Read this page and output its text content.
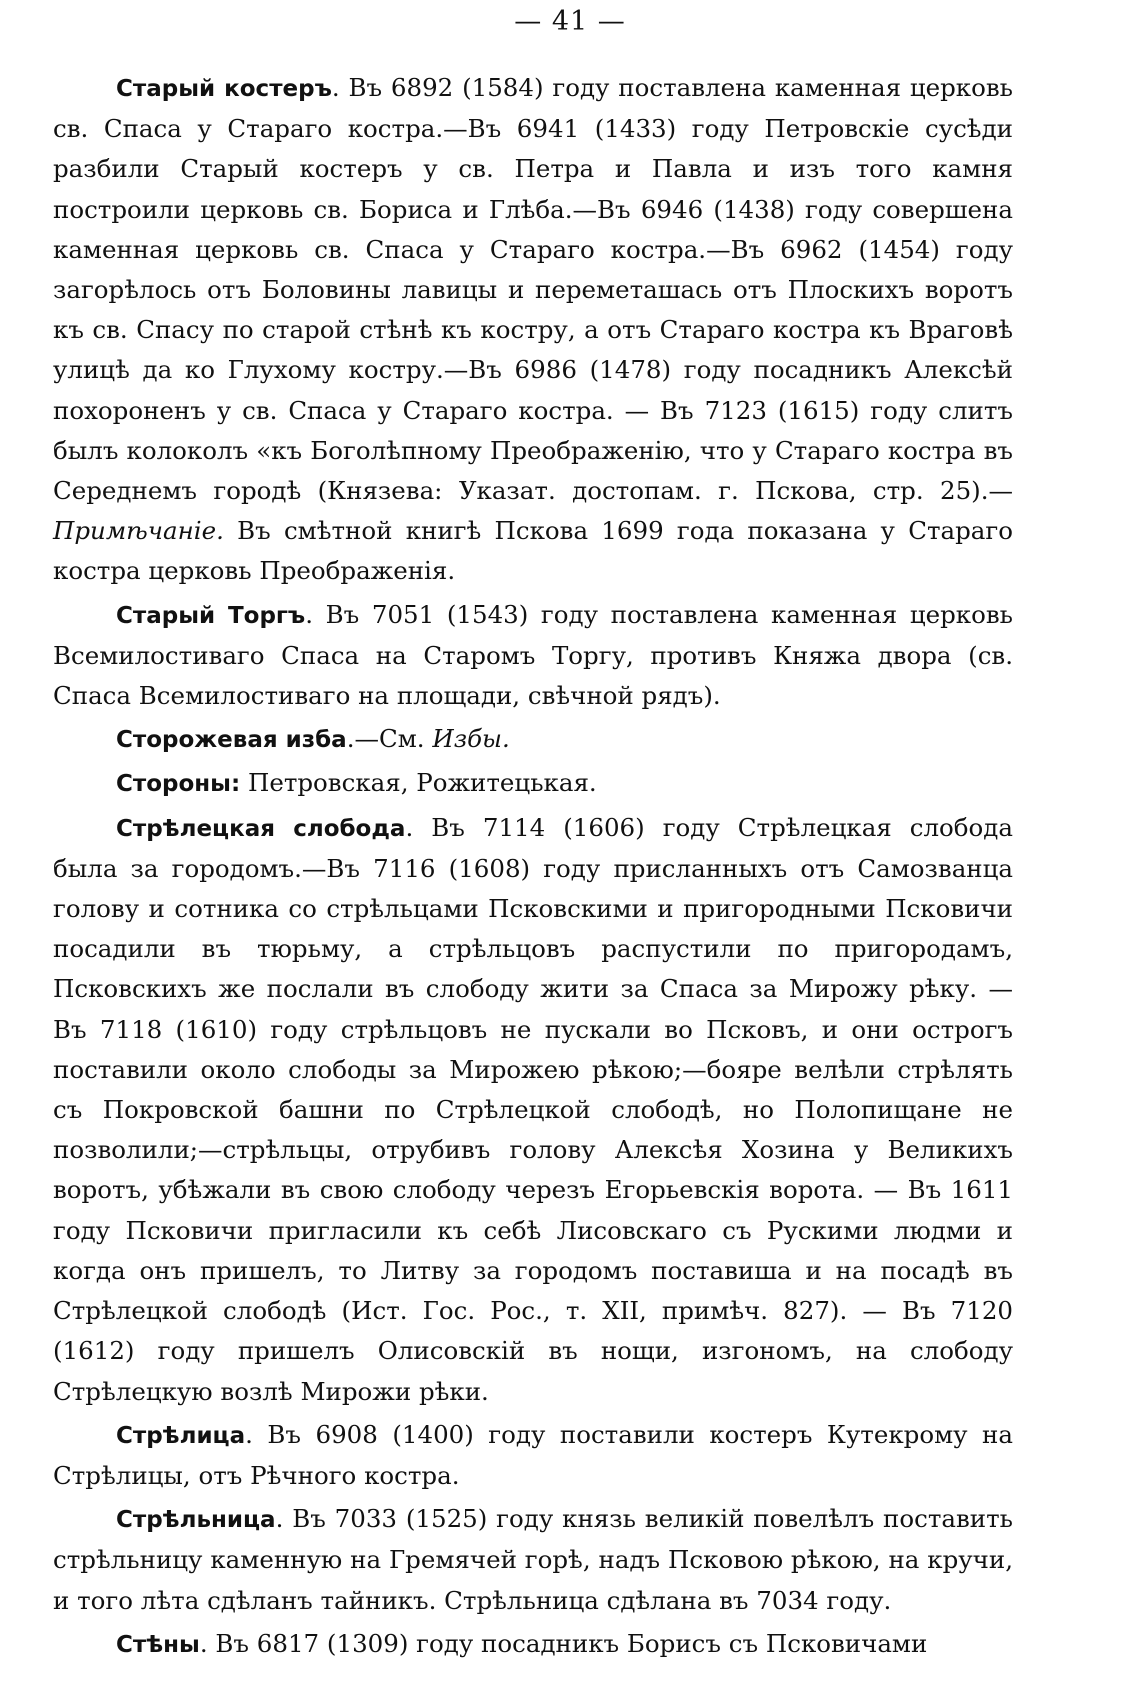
— 41 —

Старый костеръ. Въ 6892 (1584) году поставлена каменная церковь св. Спаса у Стараго костра.—Въ 6941 (1433) году Петровскіе сусѣди разбили Старый костеръ у св. Петра и Павла и изъ того камня построили церковь св. Бориса и Глѣба.—Въ 6946 (1438) году совершена каменная церковь св. Спаса у Стараго костра.—Въ 6962 (1454) году загорѣлось отъ Боловины лавицы и переметашась отъ Плоскихъ воротъ къ св. Спасу по старой стѣнѣ къ костру, а отъ Стараго костра къ Враговѣ улицѣ да ко Глухому костру.—Въ 6986 (1478) году посадникъ Алексѣй похороненъ у св. Спаса у Стараго костра. — Въ 7123 (1615) году слитъ былъ колоколъ «къ Боголѣпному Преображенію, что у Стараго костра въ Середнемъ городѣ (Князева: Указат. достопам. г. Пскова, стр. 25).—Примѣчаніе. Въ смѣтной книгѣ Пскова 1699 года показана у Стараго костра церковь Преображенія.

Старый Торгъ. Въ 7051 (1543) году поставлена каменная церковь Всемилостиваго Спаса на Старомъ Торгу, противъ Княжа двора (св. Спаса Всемилостиваго на площади, свѣчной рядъ).

Сторожевая изба.—См. Избы.

Стороны: Петровская, Рожитецькая.

Стрѣлецкая слобода. Въ 7114 (1606) году Стрѣлецкая слобода была за городомъ.—Въ 7116 (1608) году присланныхъ отъ Самозванца голову и сотника со стрѣльцами Псковскими и пригородными Псковичи посадили въ тюрьму, а стрѣльцовъ распустили по пригородамъ, Псковскихъ же послали въ слободу жити за Спаса за Мирожу рѣку. — Въ 7118 (1610) году стрѣльцовъ не пускали во Псковъ, и они острогъ поставили около слободы за Мирожею рѣкою;—бояре велѣли стрѣлять съ Покровской башни по Стрѣлецкой слободѣ, но Полопищане не позволили;—стрѣльцы, отрубивъ голову Алексѣя Хозина у Великихъ воротъ, убѣжали въ свою слободу черезъ Егорьевскія ворота. — Въ 1611 году Псковичи пригласили къ себѣ Лисовскаго съ Рускими людми и когда онъ пришелъ, то Литву за городомъ поставиша и на посадѣ въ Стрѣлецкой слободѣ (Ист. Гос. Рос., т. XII, примѣч. 827). — Въ 7120 (1612) году пришелъ Олисовскій въ нощи, изгономъ, на слободу Стрѣлецкую возлѣ Мирожи рѣки.

Стрѣлица. Въ 6908 (1400) году поставили костеръ Кутекрому на Стрѣлицы, отъ Рѣчного костра.

Стрѣльница. Въ 7033 (1525) году князь великій повелѣлъ поставить стрѣльницу каменную на Гремячей горѣ, надъ Псковою рѣкою, на кручи, и того лѣта сдѣланъ тайникъ. Стрѣльница сдѣлана въ 7034 году.

Стѣны. Въ 6817 (1309) году посадникъ Борисъ съ Псковичами
